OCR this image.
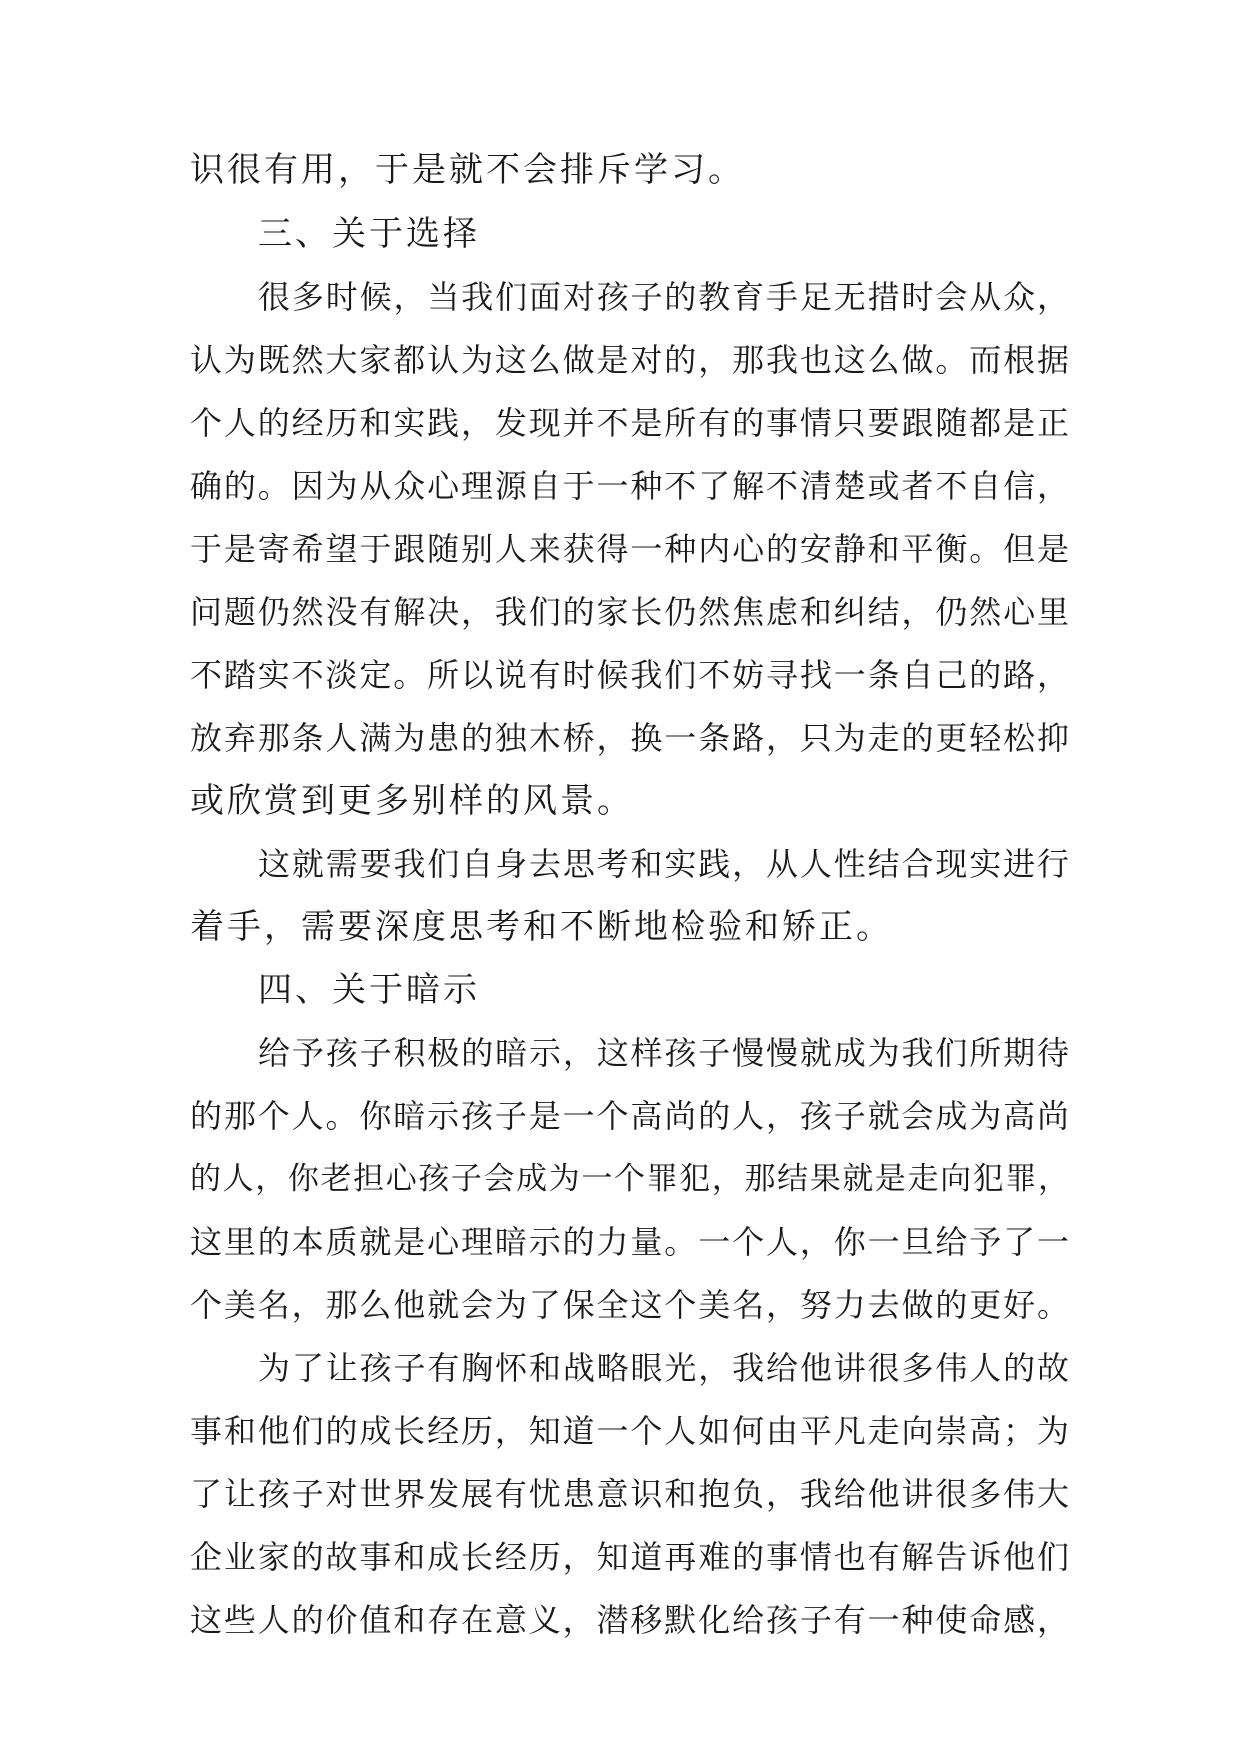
识很有用，于是就不会排斥学习。
三、关于选择
很多时候，当我们面对孩子的教育手足无措时会从众，
认为既然大家都认为这么做是对的，那我也这么做。而根据
个人的经历和实践，发现并不是所有的事情只要跟随都是正
确的。因为从众心理源自于一种不了解不清楚或者不自信，
于是寄希望于跟随别人来获得一种内心的安静和平衡。但是
问题仍然没有解决，我们的家长仍然焦虑和纠结，仍然心里
不踏实不淡定。所以说有时候我们不妨寻找一条自己的路，
放弃那条人满为患的独木桥，换一条路，只为走的更轻松抑
或欣赏到更多别样的风景。
这就需要我们自身去思考和实践，从人性结合现实进行
着手，需要深度思考和不断地检验和矫正。
四、关于暗示
给予孩子积极的暗示，这样孩子慢慢就成为我们所期待
的那个人。你暗示孩子是一个高尚的人，孩子就会成为高尚
的人，你老担心孩子会成为一个罪犯，那结果就是走向犯罪，
这里的本质就是心理暗示的力量。一个人，你一旦给予了一
个美名，那么他就会为了保全这个美名，努力去做的更好。
为了让孩子有胸怀和战略眼光，我给他讲很多伟人的故
事和他们的成长经历，知道一个人如何由平凡走向崇高；为
了让孩子对世界发展有忧患意识和抱负，我给他讲很多伟大
企业家的故事和成长经历，知道再难的事情也有解告诉他们
这些人的价值和存在意义，潜移默化给孩子有一种使命感，
